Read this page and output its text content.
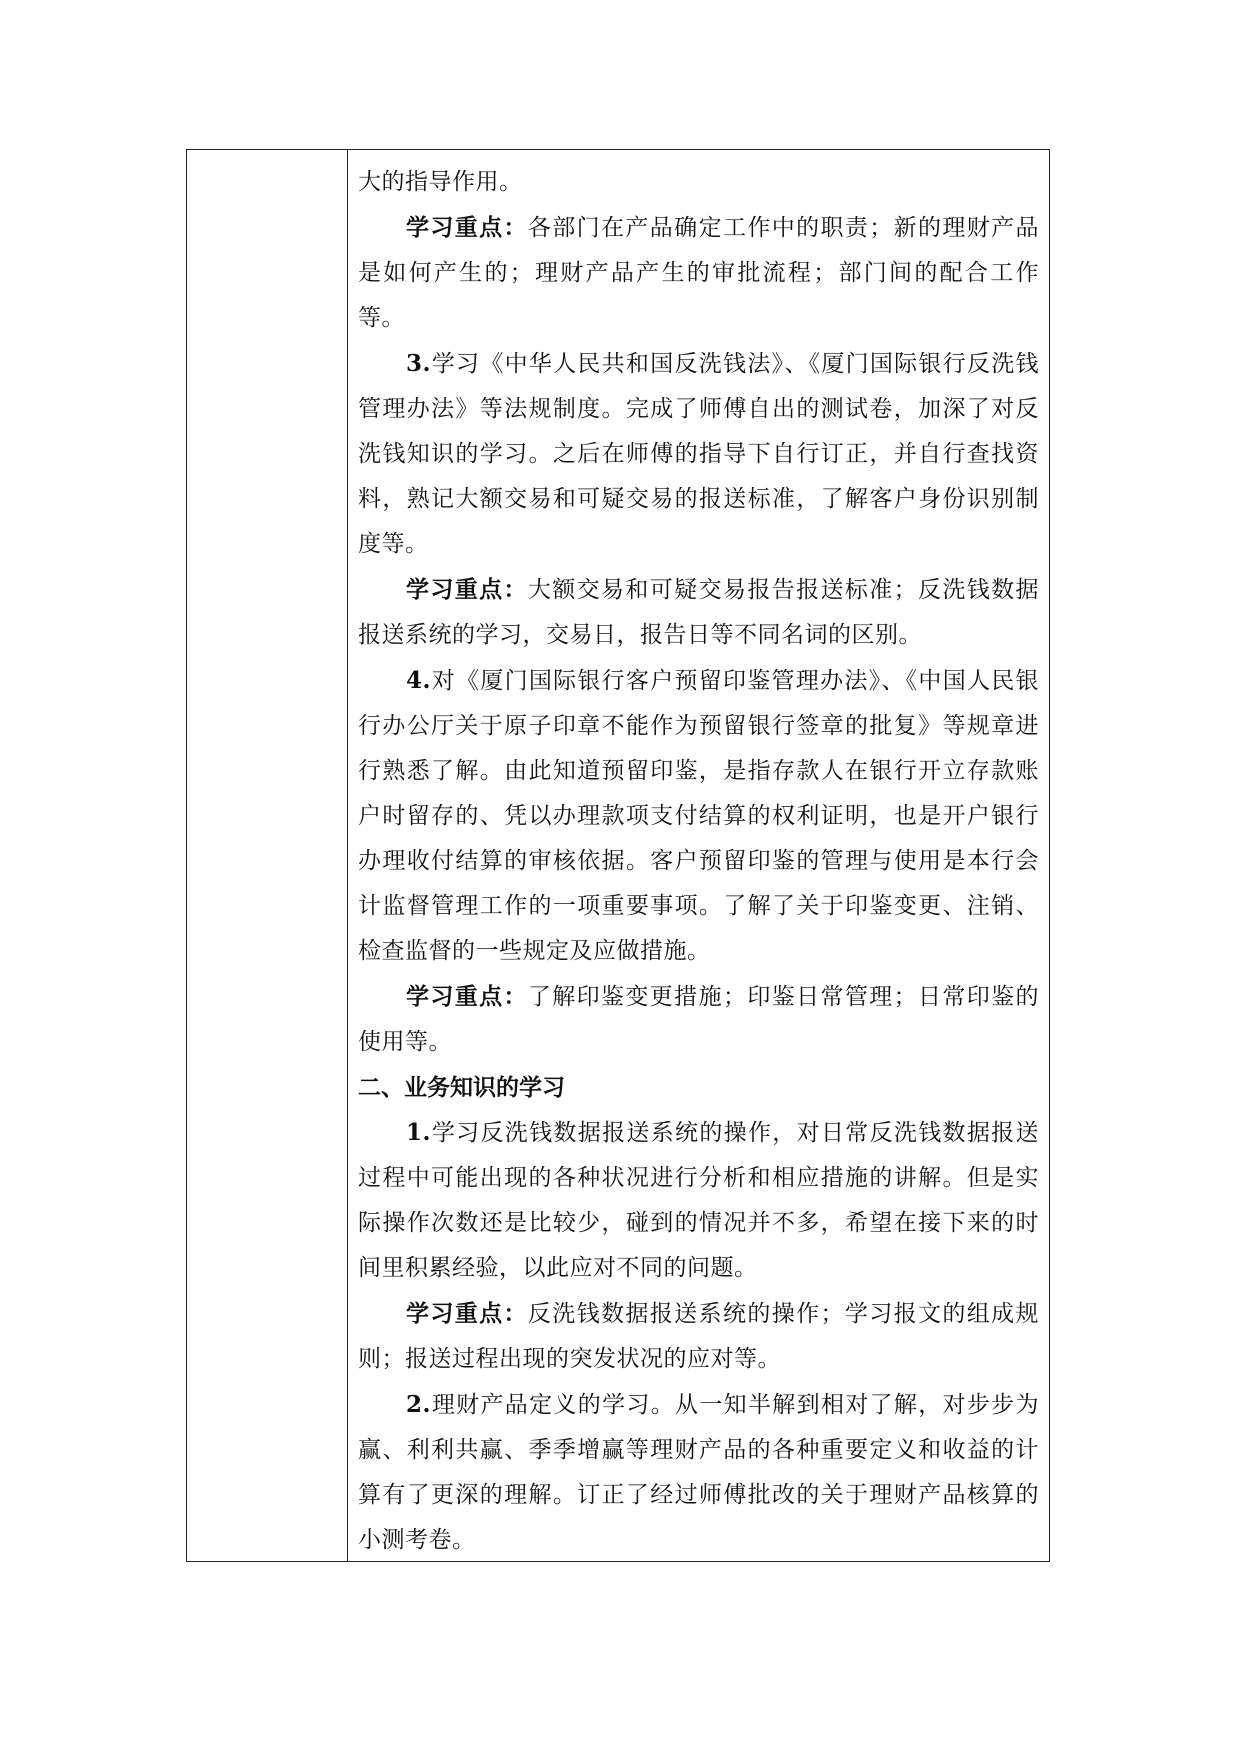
大的指导作用。

学习重点：各部门在产品确定工作中的职责；新的理财产品是如何产生的；理财产品产生的审批流程；部门间的配合工作等。

3.学习《中华人民共和国反洗钱法》、《厦门国际银行反洗钱管理办法》等法规制度。完成了师傅自出的测试卷，加深了对反洗钱知识的学习。之后在师傅的指导下自行订正，并自行查找资料，熟记大额交易和可疑交易的报送标准，了解客户身份识别制度等。

学习重点：大额交易和可疑交易报告报送标准；反洗钱数据报送系统的学习，交易日，报告日等不同名词的区别。

4.对《厦门国际银行客户预留印鉴管理办法》、《中国人民银行办公厅关于原子印章不能作为预留银行签章的批复》等规章进行熟悉了解。由此知道预留印鉴，是指存款人在银行开立存款账户时留存的、凭以办理款项支付结算的权利证明，也是开户银行办理收付结算的审核依据。客户预留印鉴的管理与使用是本行会计监督管理工作的一项重要事项。了解了关于印鉴变更、注销、检查监督的一些规定及应做措施。

学习重点：了解印鉴变更措施；印鉴日常管理；日常印鉴的使用等。

二、业务知识的学习

1.学习反洗钱数据报送系统的操作，对日常反洗钱数据报送过程中可能出现的各种状况进行分析和相应措施的讲解。但是实际操作次数还是比较少，碰到的情况并不多，希望在接下来的时间里积累经验，以此应对不同的问题。

学习重点：反洗钱数据报送系统的操作；学习报文的组成规则；报送过程出现的突发状况的应对等。

2.理财产品定义的学习。从一知半解到相对了解，对步步为赢、利利共赢、季季增赢等理财产品的各种重要定义和收益的计算有了更深的理解。订正了经过师傅批改的关于理财产品核算的小测考卷。
